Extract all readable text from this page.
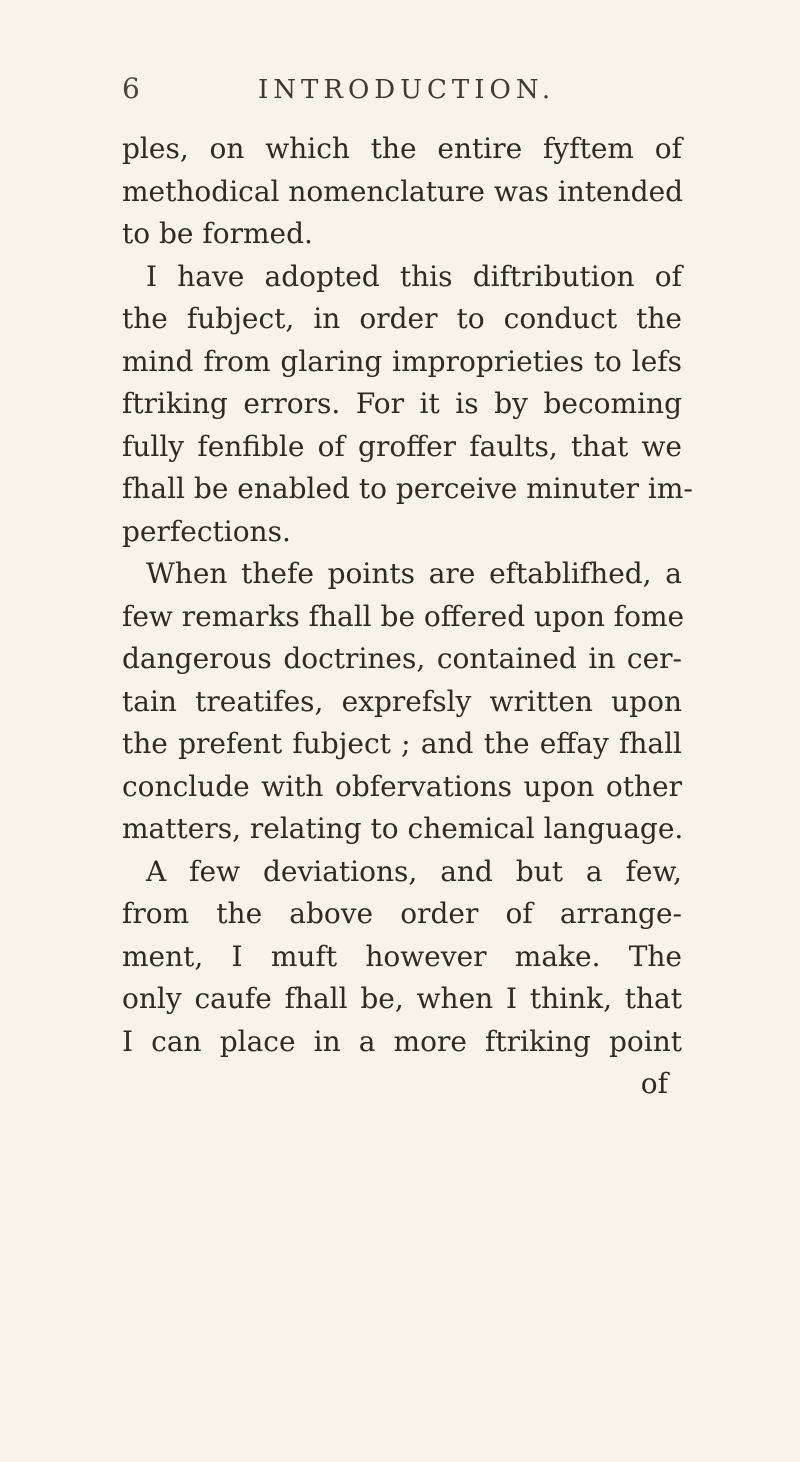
6	INTRODUCTION.
ples, on which the entire fyftem of
methodical nomenclature was intended
to be formed.
I have adopted this diftribution of
the fubject, in order to conduct the
mind from glaring improprieties to lefs
ftriking errors. For it is by becoming
fully fenfible of groffer faults, that we
fhall be enabled to perceive minuter im-
perfections.
When thefe points are eftablifhed, a
few remarks fhall be offered upon fome
dangerous doctrines, contained in cer-
tain treatifes, exprefsly written upon
the prefent fubject ; and the effay fhall
conclude with obfervations upon other
matters, relating to chemical language.
A few deviations, and but a few,
from the above order of arrange-
ment, I muft however make. The
only caufe fhall be, when I think, that
I can place in a more ftriking point
of
